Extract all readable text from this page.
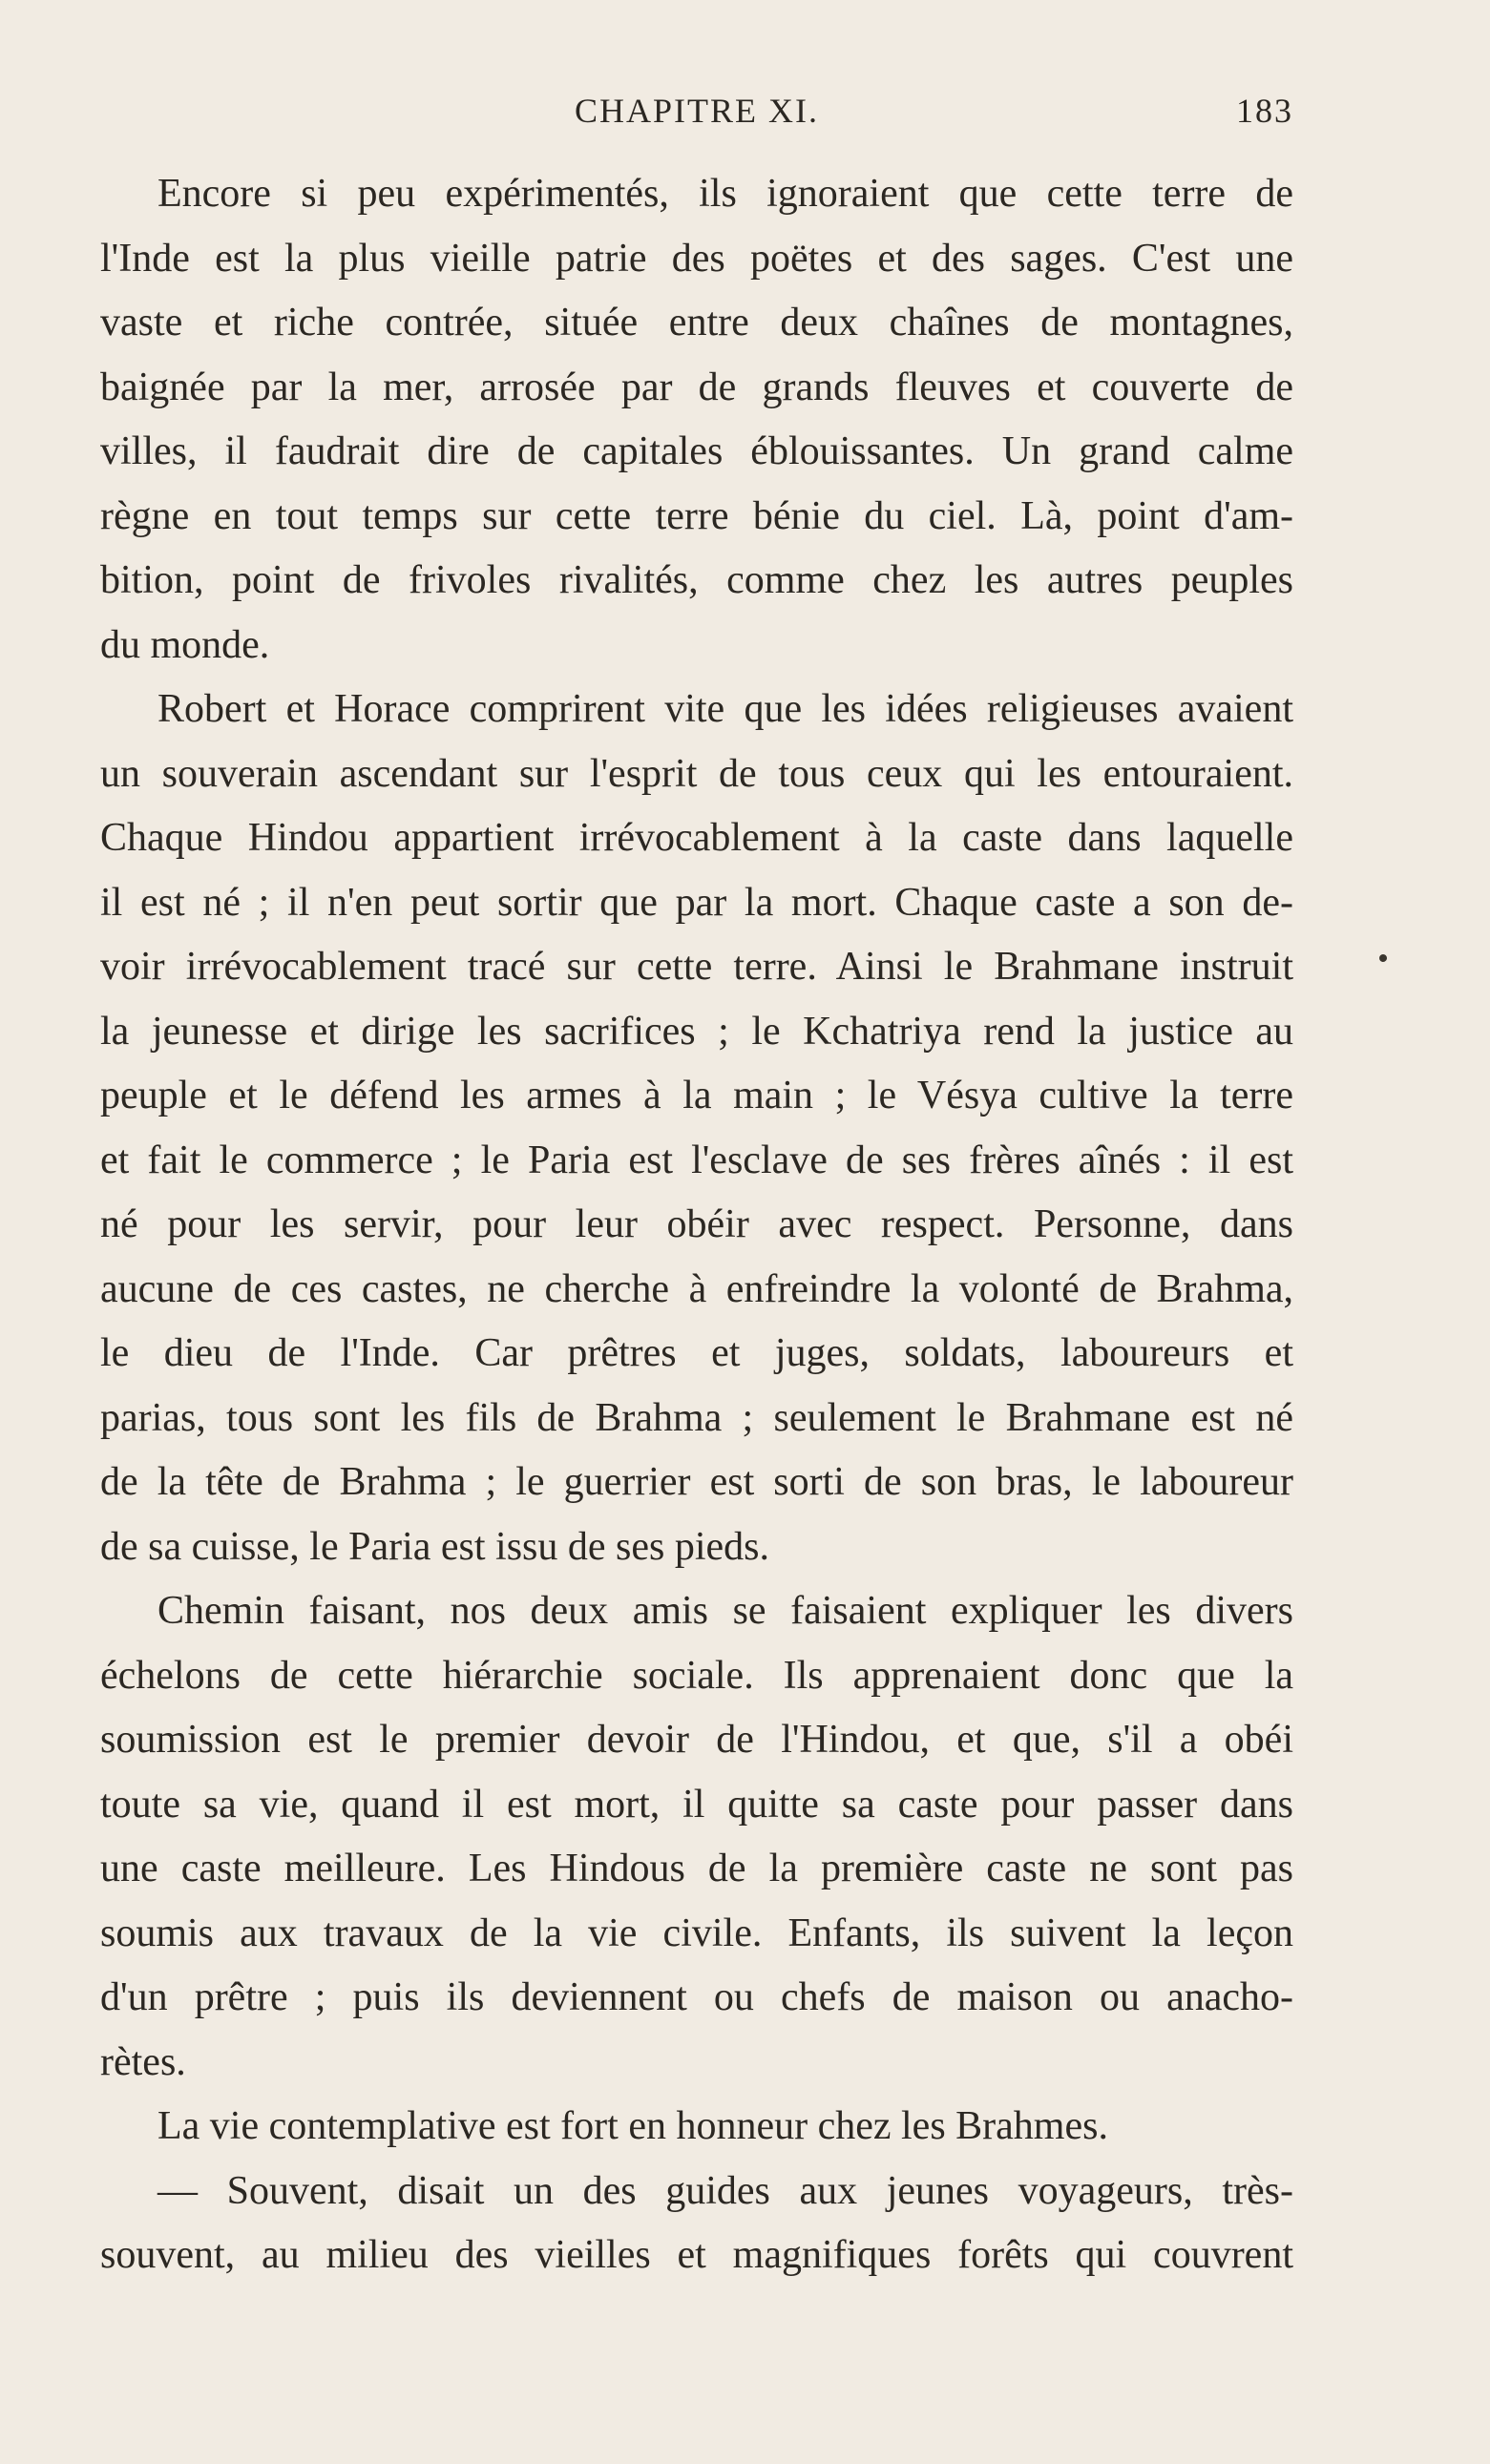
CHAPITRE XI.	183
Encore si peu expérimentés, ils ignoraient que cette terre de
l'Inde est la plus vieille patrie des poëtes et des sages. C'est une
vaste et riche contrée, située entre deux chaînes de montagnes,
baignée par la mer, arrosée par de grands fleuves et couverte de
villes, il faudrait dire de capitales éblouissantes. Un grand calme
règne en tout temps sur cette terre bénie du ciel. Là, point d'am-
bition, point de frivoles rivalités, comme chez les autres peuples
du monde.
Robert et Horace comprirent vite que les idées religieuses avaient
un souverain ascendant sur l'esprit de tous ceux qui les entouraient.
Chaque Hindou appartient irrévocablement à la caste dans laquelle
il est né ; il n'en peut sortir que par la mort. Chaque caste a son de-
voir irrévocablement tracé sur cette terre. Ainsi le Brahmane instruit
la jeunesse et dirige les sacrifices ; le Kchatriya rend la justice au
peuple et le défend les armes à la main ; le Vésya cultive la terre
et fait le commerce ; le Paria est l'esclave de ses frères aînés : il est
né pour les servir, pour leur obéir avec respect. Personne, dans
aucune de ces castes, ne cherche à enfreindre la volonté de Brahma,
le dieu de l'Inde. Car prêtres et juges, soldats, laboureurs et
parias, tous sont les fils de Brahma ; seulement le Brahmane est né
de la tête de Brahma ; le guerrier est sorti de son bras, le laboureur
de sa cuisse, le Paria est issu de ses pieds.
Chemin faisant, nos deux amis se faisaient expliquer les divers
échelons de cette hiérarchie sociale. Ils apprenaient donc que la
soumission est le premier devoir de l'Hindou, et que, s'il a obéi
toute sa vie, quand il est mort, il quitte sa caste pour passer dans
une caste meilleure. Les Hindous de la première caste ne sont pas
soumis aux travaux de la vie civile. Enfants, ils suivent la leçon
d'un prêtre ; puis ils deviennent ou chefs de maison ou anacho-
rètes.
La vie contemplative est fort en honneur chez les Brahmes.
— Souvent, disait un des guides aux jeunes voyageurs, très-
souvent, au milieu des vieilles et magnifiques forêts qui couvrent
